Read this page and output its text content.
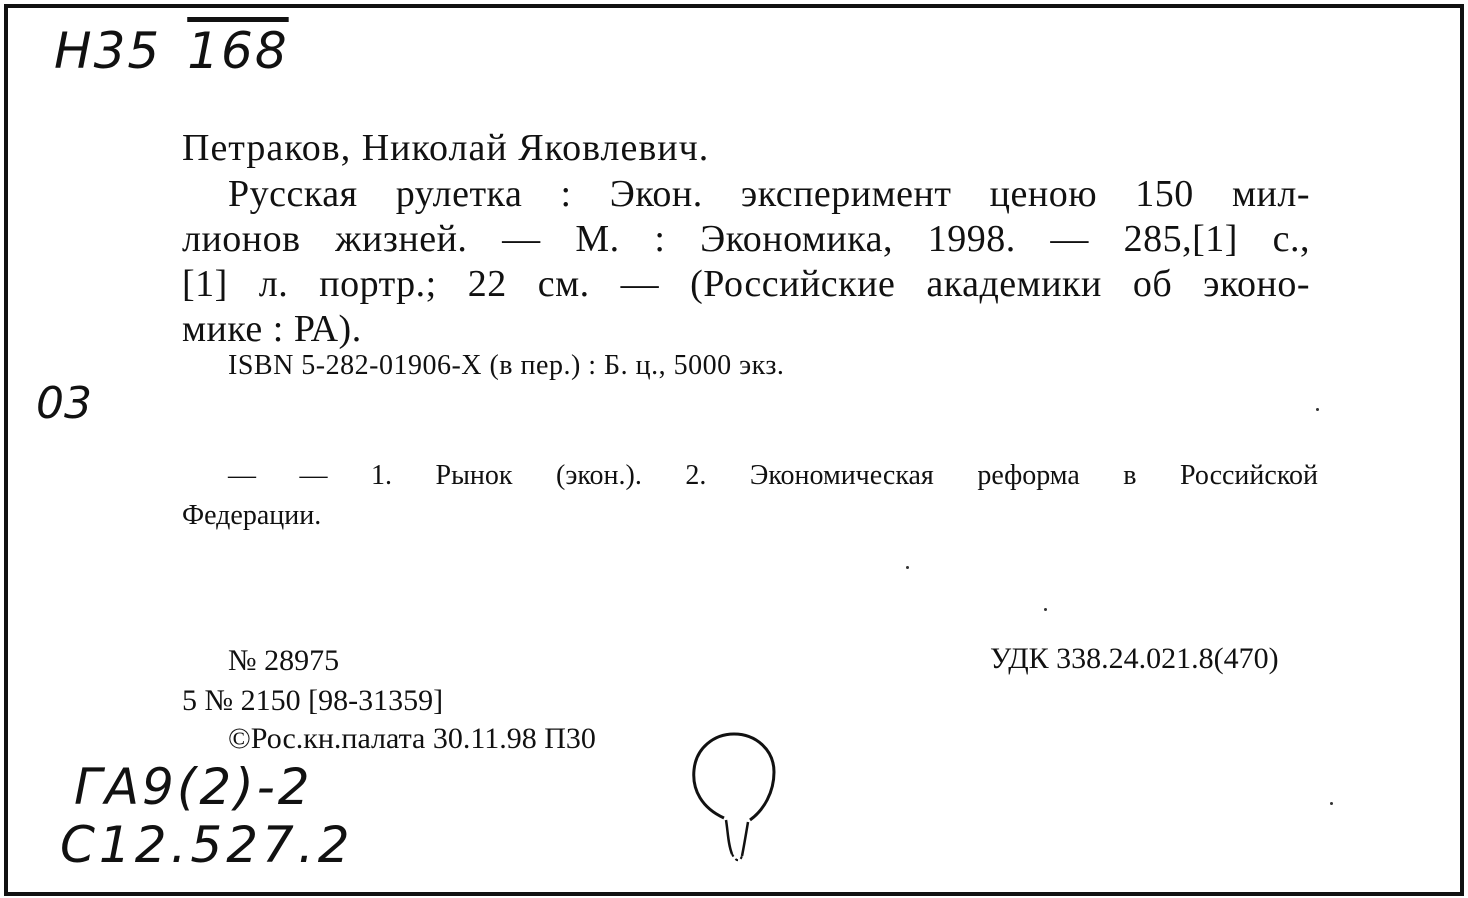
Н35 168
Петраков, Николай Яковлевич.
Русская рулетка : Экон. эксперимент ценою 150 мил-
лионов жизней. — М. : Экономика, 1998. — 285,[1] с.,
[1] л. портр.; 22 см. — (Российские академики об эконо-
мике : РА).
ISBN 5-282-01906-X (в пер.) : Б. ц., 5000 экз.
03
— — 1. Рынок (экон.). 2. Экономическая реформа в Российской
Федерации.
№ 28975	УДК 338.24.021.8(470)
5 № 2150 [98-31359]
©Рос.кн.палата 30.11.98 П30
ГА9(2)-2
С12.527.2
